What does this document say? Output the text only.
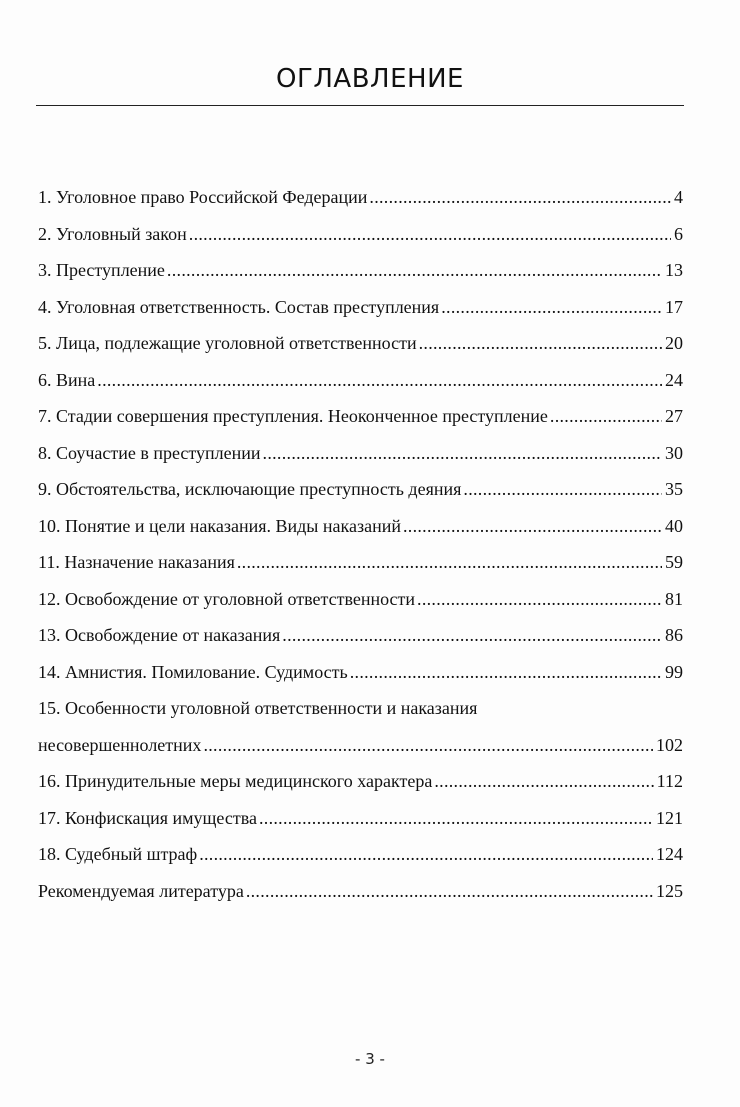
ОГЛАВЛЕНИЕ
1. Уголовное право Российской Федерации .....	4
2. Уголовный закон .....	6
3. Преступление .....	13
4. Уголовная ответственность. Состав преступления .....	17
5. Лица, подлежащие уголовной ответственности .....	20
6. Вина .....	24
7. Стадии совершения преступления. Неоконченное преступление .....	27
8. Соучастие в преступлении .....	30
9. Обстоятельства, исключающие преступность деяния .....	35
10. Понятие и цели наказания. Виды наказаний .....	40
11. Назначение наказания .....	59
12. Освобождение от уголовной ответственности .....	81
13. Освобождение от наказания .....	86
14. Амнистия. Помилование. Судимость .....	99
15. Особенности уголовной ответственности и наказания
несовершеннолетних .....	102
16. Принудительные меры медицинского характера .....	112
17. Конфискация имущества .....	121
18. Судебный штраф .....	124
Рекомендуемая литература .....	125
- 3 -
